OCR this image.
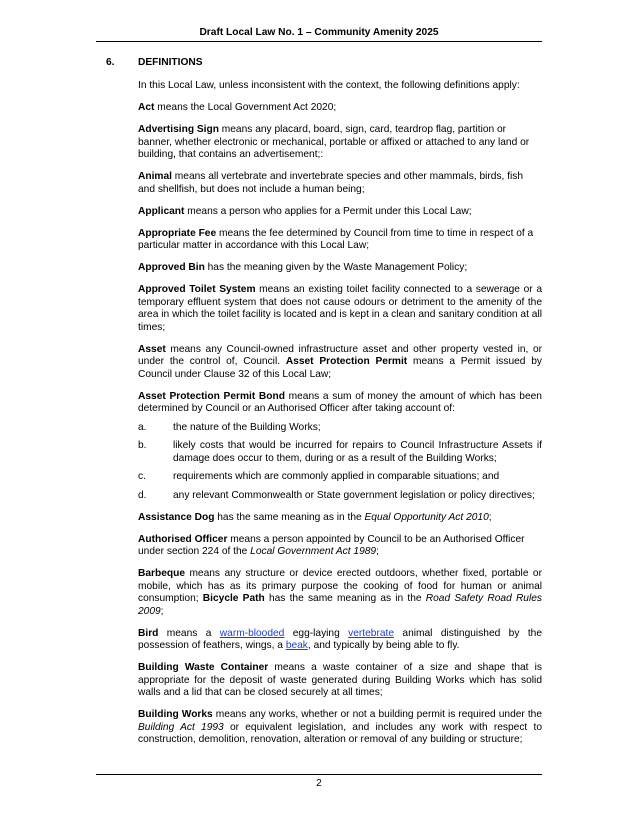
Draft Local Law No. 1 – Community Amenity 2025
6. DEFINITIONS

In this Local Law, unless inconsistent with the context, the following definitions apply:

Act means the Local Government Act 2020;

Advertising Sign means any placard, board, sign, card, teardrop flag, partition or banner, whether electronic or mechanical, portable or affixed or attached to any land or building, that contains an advertisement;:

Animal means all vertebrate and invertebrate species and other mammals, birds, fish and shellfish, but does not include a human being;

Applicant means a person who applies for a Permit under this Local Law;

Appropriate Fee means the fee determined by Council from time to time in respect of a particular matter in accordance with this Local Law;

Approved Bin has the meaning given by the Waste Management Policy;

Approved Toilet System means an existing toilet facility connected to a sewerage or a temporary effluent system that does not cause odours or detriment to the amenity of the area in which the toilet facility is located and is kept in a clean and sanitary condition at all times;

Asset means any Council-owned infrastructure asset and other property vested in, or under the control of, Council. Asset Protection Permit means a Permit issued by Council under Clause 32 of this Local Law;

Asset Protection Permit Bond means a sum of money the amount of which has been determined by Council or an Authorised Officer after taking account of:

a.	the nature of the Building Works;
b.	likely costs that would be incurred for repairs to Council Infrastructure Assets if damage does occur to them, during or as a result of the Building Works;
c.	requirements which are commonly applied in comparable situations; and
d.	any relevant Commonwealth or State government legislation or policy directives;

Assistance Dog has the same meaning as in the Equal Opportunity Act 2010;

Authorised Officer means a person appointed by Council to be an Authorised Officer under section 224 of the Local Government Act 1989;

Barbeque means any structure or device erected outdoors, whether fixed, portable or mobile, which has as its primary purpose the cooking of food for human or animal consumption; Bicycle Path has the same meaning as in the Road Safety Road Rules 2009;

Bird means a warm-blooded egg-laying vertebrate animal distinguished by the possession of feathers, wings, a beak, and typically by being able to fly.

Building Waste Container means a waste container of a size and shape that is appropriate for the deposit of waste generated during Building Works which has solid walls and a lid that can be closed securely at all times;

Building Works means any works, whether or not a building permit is required under the Building Act 1993 or equivalent legislation, and includes any work with respect to construction, demolition, renovation, alteration or removal of any building or structure;

2
